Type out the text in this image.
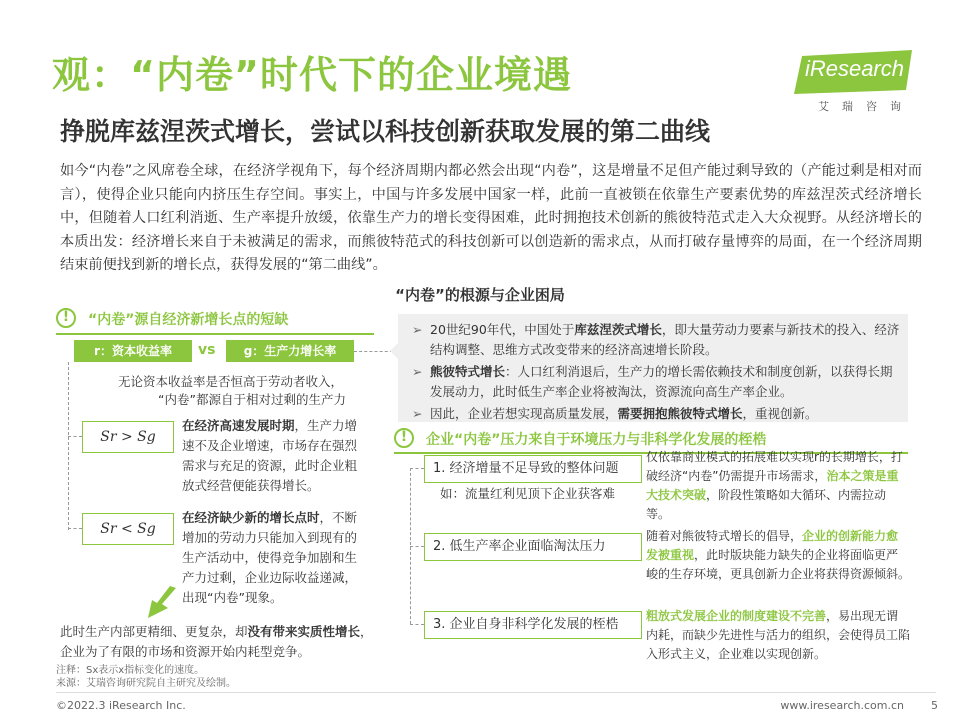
观：“内卷”时代下的企业境遇
挣脱库兹涅茨式增长，尝试以科技创新获取发展的第二曲线
iResearch
艾瑞咨询
如今“内卷”之风席卷全球，在经济学视角下，每个经济周期内都必然会出现“内卷”，这是增量不足但产能过剩导致的（产能过剩是相对而言），使得企业只能向内挤压生存空间。事实上，中国与许多发展中国家一样，此前一直被锁在依靠生产要素优势的库兹涅茨式经济增长中，但随着人口红利消逝、生产率提升放缓，依靠生产力的增长变得困难，此时拥抱技术创新的熊彼特范式走入大众视野。从经济增长的本质出发：经济增长来自于未被满足的需求，而熊彼特范式的科技创新可以创造新的需求点，从而打破存量博弈的局面，在一个经济周期结束前便找到新的增长点，获得发展的“第二曲线”。
“内卷”的根源与企业困局
!	“内卷”源自经济新增长点的短缺
r：资本收益率	vs	g：生产力增长率
无论资本收益率是否恒高于劳动者收入，
“内卷”都源自于相对过剩的生产力
Sr > Sg
在经济高速发展时期，生产力增速不及企业增速，市场存在强烈需求与充足的资源，此时企业粗放式经营便能获得增长。
Sr < Sg
在经济缺少新的增长点时，不断增加的劳动力只能加入到现有的生产活动中，使得竞争加剧和生产力过剩，企业边际收益递减，出现“内卷”现象。
此时生产内部更精细、更复杂，却没有带来实质性增长，企业为了有限的市场和资源开始内耗型竞争。
➢ 20世纪90年代，中国处于库兹涅茨式增长，即大量劳动力要素与新技术的投入、经济结构调整、思维方式改变带来的经济高速增长阶段。
➢ 熊彼特式增长：人口红利消退后，生产力的增长需依赖技术和制度创新，以获得长期发展动力，此时低生产率企业将被淘汰，资源流向高生产率企业。
➢ 因此，企业若想实现高质量发展，需要拥抱熊彼特式增长，重视创新。
!	企业“内卷”压力来自于环境压力与非科学化发展的桎梏
1. 经济增量不足导致的整体问题
如：流量红利见顶下企业获客难
仅依靠商业模式的拓展难以实现r的长期增长，打破经济“内卷”仍需提升市场需求，治本之策是重大技术突破，阶段性策略如大循环、内需拉动等。
2. 低生产率企业面临淘汰压力
随着对熊彼特式增长的倡导，企业的创新能力愈发被重视，此时版块能力缺失的企业将面临更严峻的生存环境，更具创新力企业将获得资源倾斜。
3. 企业自身非科学化发展的桎梏
粗放式发展企业的制度建设不完善，易出现无谓内耗，而缺少先进性与活力的组织，会使得员工陷入形式主义，企业难以实现创新。
注释：Sx表示x指标变化的速度。
来源：艾瑞咨询研究院自主研究及绘制。
©2022.3 iResearch Inc.	www.iresearch.com.cn 5
